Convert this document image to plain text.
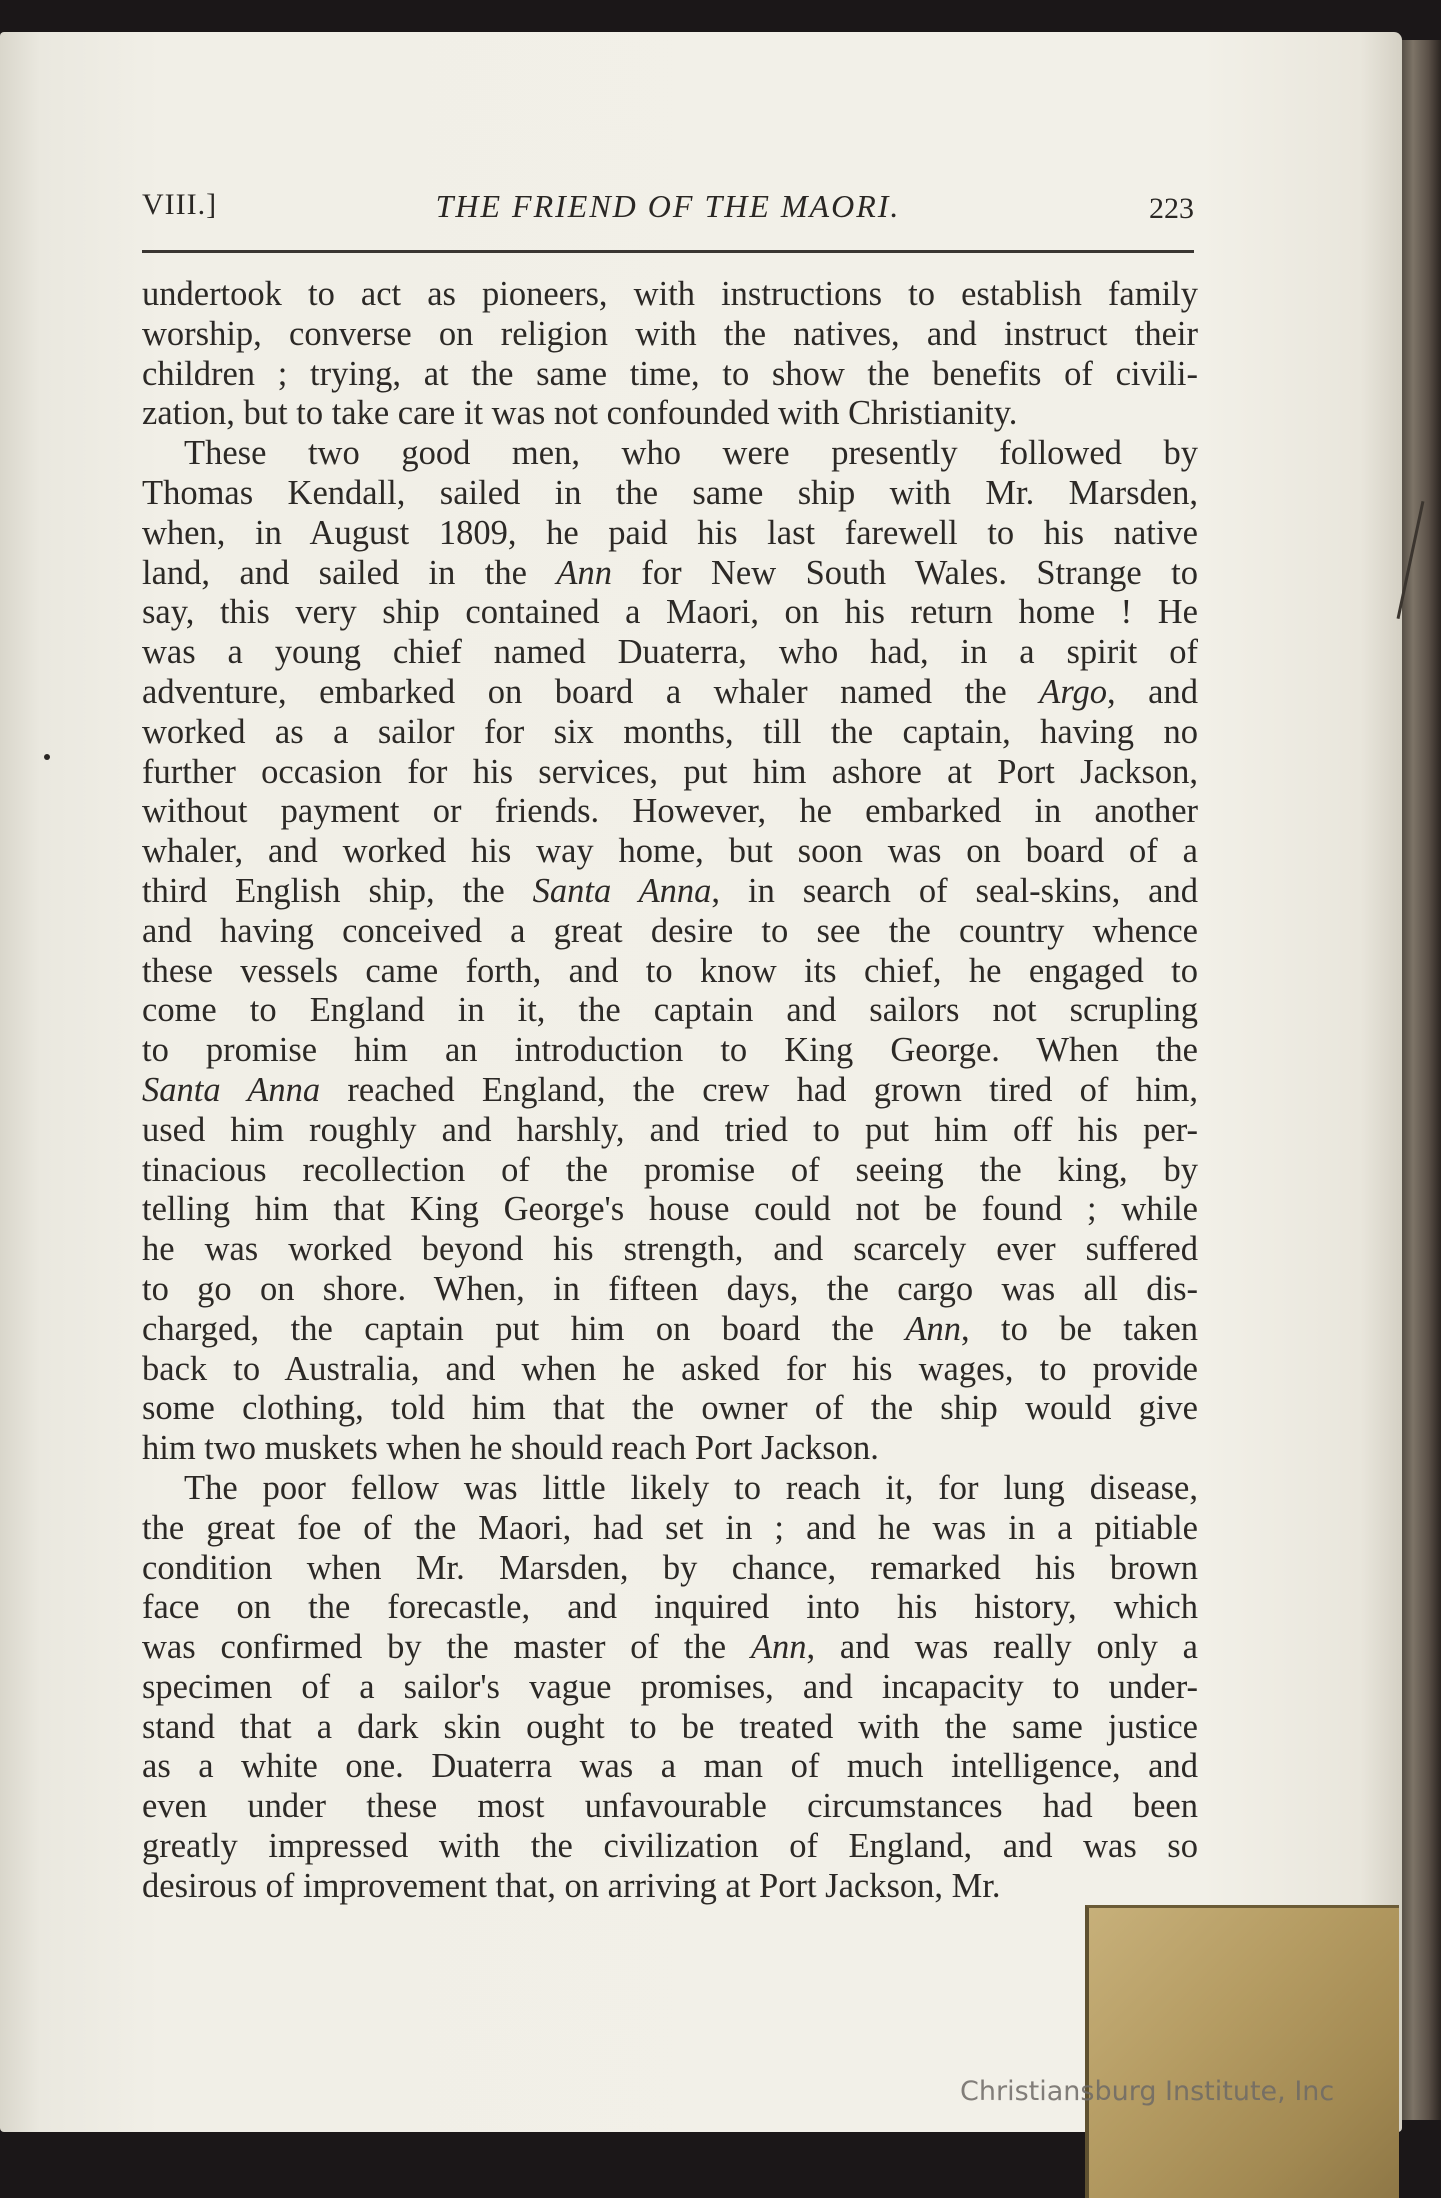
VIII.]	THE FRIEND OF THE MAORI.	223
undertook to act as pioneers, with instructions to establish family
worship, converse on religion with the natives, and instruct their
children ; trying, at the same time, to show the benefits of civili-
zation, but to take care it was not confounded with Christianity.
These two good men, who were presently followed by
Thomas Kendall, sailed in the same ship with Mr. Marsden,
when, in August 1809, he paid his last farewell to his native
land, and sailed in the Ann for New South Wales. Strange to
say, this very ship contained a Maori, on his return home ! He
was a young chief named Duaterra, who had, in a spirit of
adventure, embarked on board a whaler named the Argo, and
worked as a sailor for six months, till the captain, having no
further occasion for his services, put him ashore at Port Jackson,
without payment or friends. However, he embarked in another
whaler, and worked his way home, but soon was on board of a
third English ship, the Santa Anna, in search of seal-skins, and
and having conceived a great desire to see the country whence
these vessels came forth, and to know its chief, he engaged to
come to England in it, the captain and sailors not scrupling
to promise him an introduction to King George. When the
Santa Anna reached England, the crew had grown tired of him,
used him roughly and harshly, and tried to put him off his per-
tinacious recollection of the promise of seeing the king, by
telling him that King George's house could not be found ; while
he was worked beyond his strength, and scarcely ever suffered
to go on shore. When, in fifteen days, the cargo was all dis-
charged, the captain put him on board the Ann, to be taken
back to Australia, and when he asked for his wages, to provide
some clothing, told him that the owner of the ship would give
him two muskets when he should reach Port Jackson.
The poor fellow was little likely to reach it, for lung disease,
the great foe of the Maori, had set in ; and he was in a pitiable
condition when Mr. Marsden, by chance, remarked his brown
face on the forecastle, and inquired into his history, which
was confirmed by the master of the Ann, and was really only a
specimen of a sailor's vague promises, and incapacity to under-
stand that a dark skin ought to be treated with the same justice
as a white one. Duaterra was a man of much intelligence, and
even under these most unfavourable circumstances had been
greatly impressed with the civilization of England, and was so
desirous of improvement that, on arriving at Port Jackson, Mr.
Christiansburg Institute, Inc
